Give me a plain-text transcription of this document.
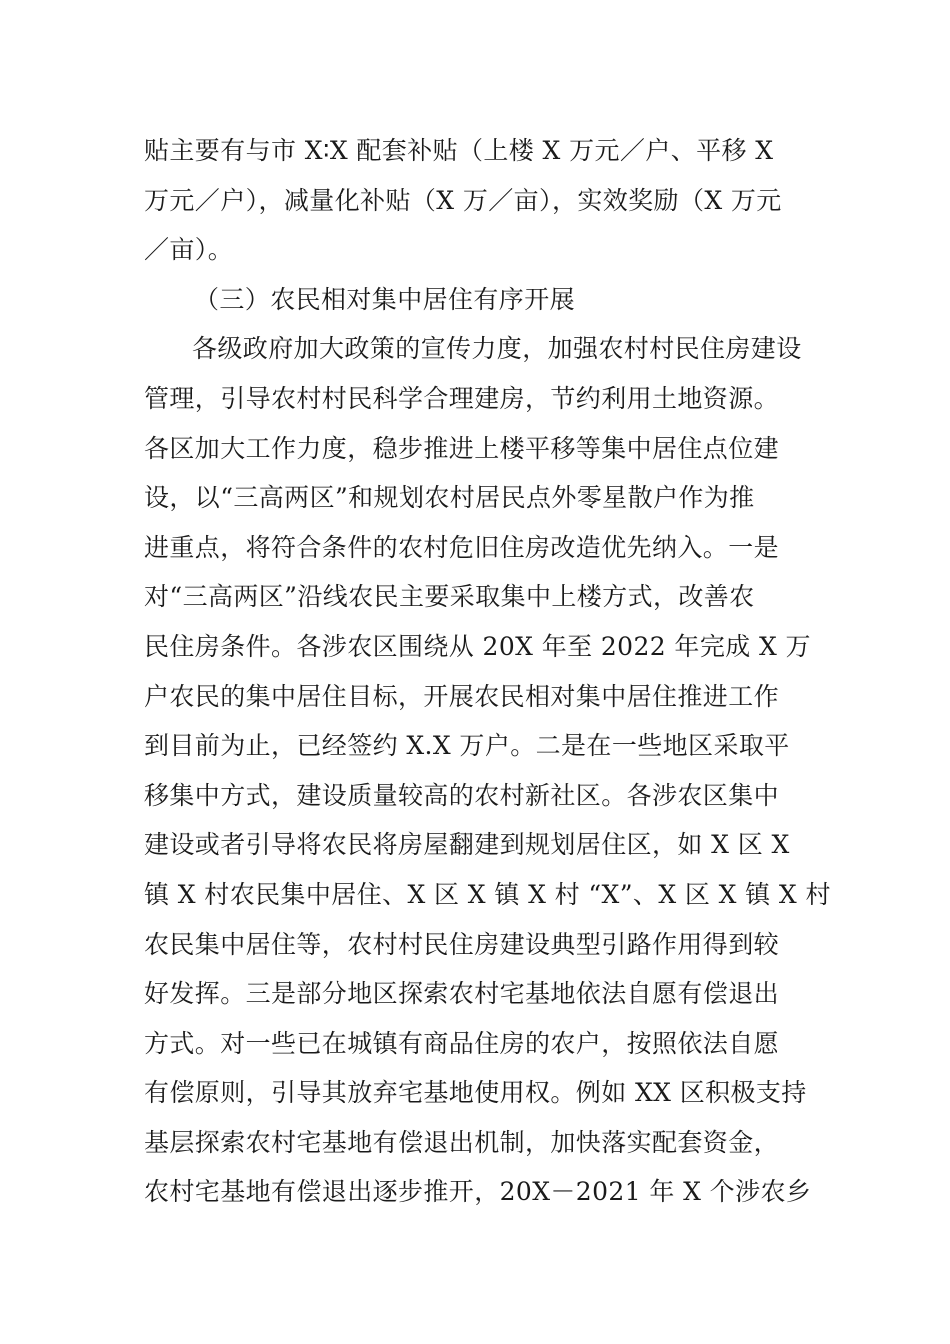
贴主要有与市 X∶X 配套补贴（上楼 X 万元／户、平移 X
万元／户），减量化补贴（X 万／亩），实效奖励（X 万元
／亩）。
（三）农民相对集中居住有序开展
各级政府加大政策的宣传力度，加强农村村民住房建设
管理，引导农村村民科学合理建房，节约利用土地资源。
各区加大工作力度，稳步推进上楼平移等集中居住点位建
设，以“三高两区”和规划农村居民点外零星散户作为推
进重点，将符合条件的农村危旧住房改造优先纳入。一是
对“三高两区”沿线农民主要采取集中上楼方式，改善农
民住房条件。各涉农区围绕从 20X 年至 2022 年完成 X 万
户农民的集中居住目标，开展农民相对集中居住推进工作
到目前为止，已经签约 X.X 万户。二是在一些地区采取平
移集中方式，建设质量较高的农村新社区。各涉农区集中
建设或者引导将农民将房屋翻建到规划居住区，如 X 区 X
镇 X 村农民集中居住、X 区 X 镇 X 村 “X”、X 区 X 镇 X 村
农民集中居住等，农村村民住房建设典型引路作用得到较
好发挥。三是部分地区探索农村宅基地依法自愿有偿退出
方式。对一些已在城镇有商品住房的农户，按照依法自愿
有偿原则，引导其放弃宅基地使用权。例如 XX 区积极支持
基层探索农村宅基地有偿退出机制，加快落实配套资金，
农村宅基地有偿退出逐步推开，20X－2021 年 X 个涉农乡
